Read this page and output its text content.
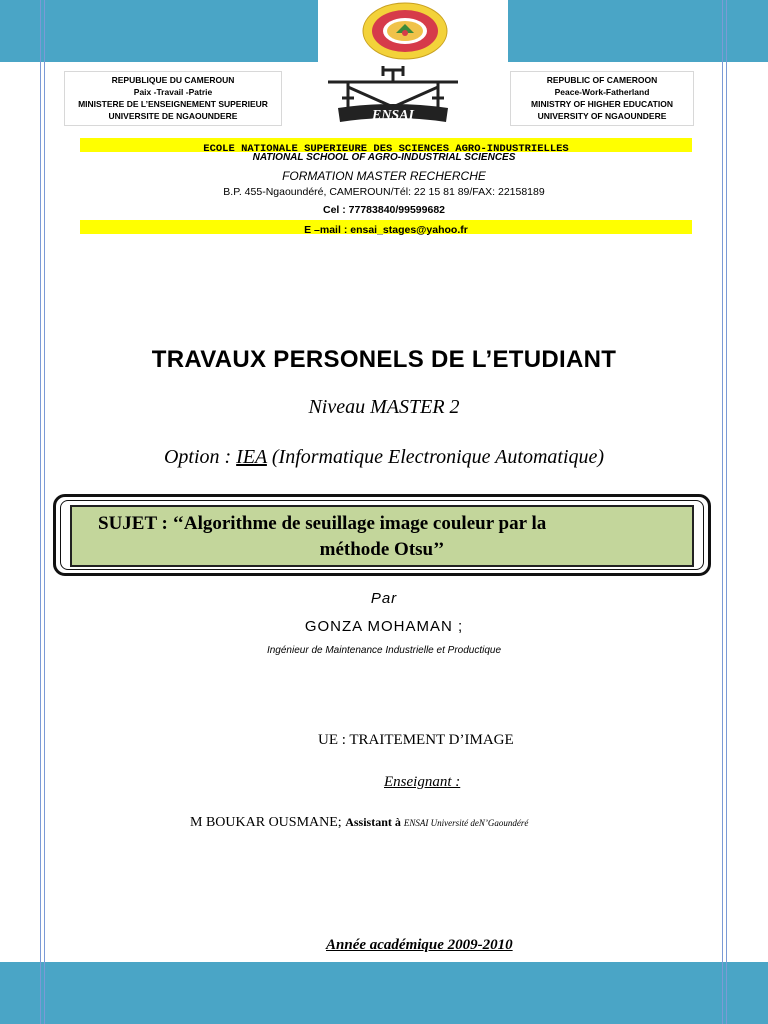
ENSAI
REPUBLIQUE DU CAMEROUN
Paix -Travail -Patrie
MINISTERE DE L’ENSEIGNEMENT SUPERIEUR
UNIVERSITE DE NGAOUNDERE
REPUBLIC OF CAMEROON
Peace-Work-Fatherland
MINISTRY OF HIGHER EDUCATION
UNIVERSITY OF NGAOUNDERE
ECOLE NATIONALE SUPERIEURE DES SCIENCES AGRO-INDUSTRIELLES
NATIONAL SCHOOL OF AGRO-INDUSTRIAL SCIENCES
FORMATION MASTER RECHERCHE
B.P. 455-Ngaoundéré, CAMEROUN/Tél: 22 15 81 89/FAX: 22158189
Cel : 77783840/99599682
E –mail : ensai_stages@yahoo.fr
TRAVAUX PERSONELS DE L’ETUDIANT
Niveau MASTER 2
Option : IEA (Informatique Electronique Automatique)
SUJET : ‘‘Algorithme de seuillage image couleur par la
méthode Otsu’’
Par
GONZA MOHAMAN ;
Ingénieur de Maintenance Industrielle et Productique
UE : TRAITEMENT D’IMAGE
Enseignant :
M BOUKAR OUSMANE; Assistant à ENSAI Université deN’Gaoundéré
Année académique 2009-2010
